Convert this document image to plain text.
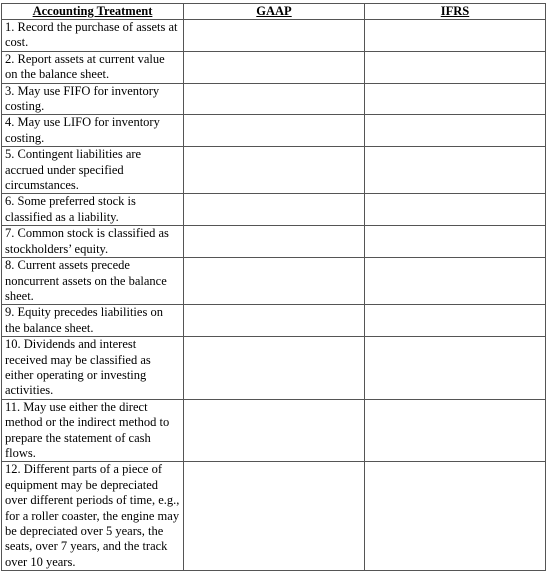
Accounting Treatment	GAAP	IFRS
1. Record the purchase of assets at cost.		
2. Report assets at current value on the balance sheet.		
3. May use FIFO for inventory costing.		
4. May use LIFO for inventory costing.		
5. Contingent liabilities are accrued under specified circumstances.		
6. Some preferred stock is classified as a liability.		
7. Common stock is classified as stockholders’ equity.		
8. Current assets precede noncurrent assets on the balance sheet.		
9. Equity precedes liabilities on the balance sheet.		
10. Dividends and interest received may be classified as either operating or investing activities.		
11. May use either the direct method or the indirect method to prepare the statement of cash flows.		
12. Different parts of a piece of equipment may be depreciated over different periods of time, e.g., for a roller coaster, the engine may be depreciated over 5 years, the seats, over 7 years, and the track over 10 years.		
